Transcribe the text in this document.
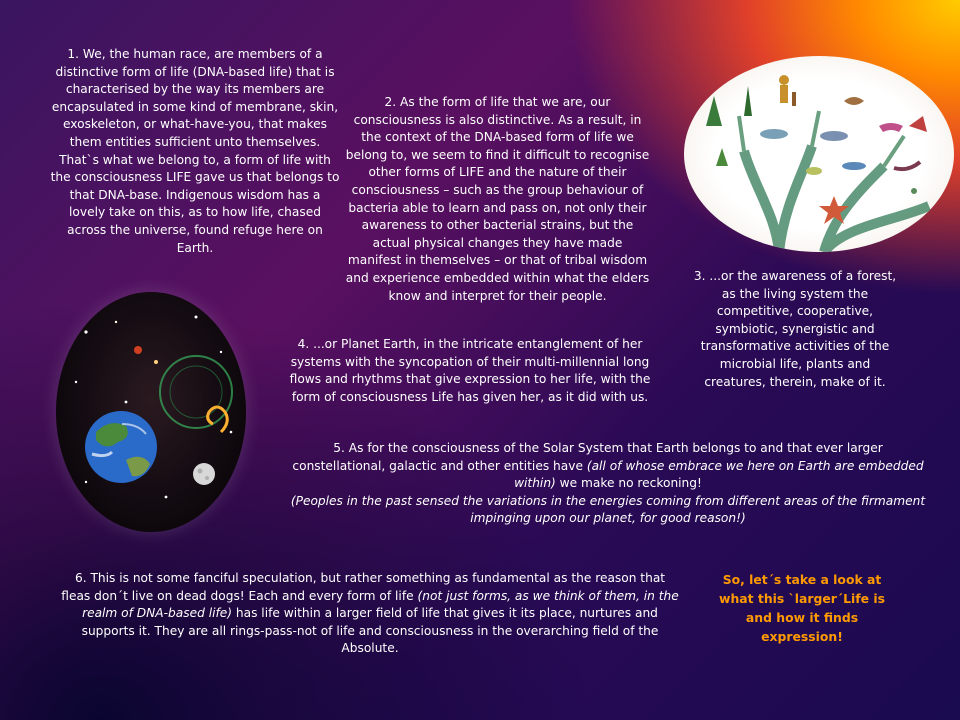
1. We, the human race, are members of a distinctive form of life (DNA-based life) that is characterised by the way its members are encapsulated in some kind of membrane, skin, exoskeleton, or what-have-you, that makes them entities sufficient unto themselves. That`s what we belong to, a form of life with the consciousness LIFE gave us that belongs to that DNA-base. Indigenous wisdom has a lovely take on this, as to how life, chased across the universe, found refuge here on Earth.
2. As the form of life that we are, our consciousness is also distinctive. As a result, in the context of the DNA-based form of life we belong to, we seem to find it difficult to recognise other forms of LIFE and the nature of their consciousness – such as the group behaviour of bacteria able to learn and pass on, not only their awareness to other bacterial strains, but the actual physical changes they have made manifest in themselves – or that of tribal wisdom and experience embedded within what the elders know and interpret for their people.
3. ...or the awareness of a forest, as the living system the competitive, cooperative, symbiotic, synergistic and transformative activities of the microbial life, plants and creatures, therein, make of it.
4. ...or Planet Earth, in the intricate entanglement of her systems with the syncopation of their multi-millennial long flows and rhythms that give expression to her life, with the form of consciousness Life has given her, as it did with us.
5. As for the consciousness of the Solar System that Earth belongs to and that ever larger constellational, galactic and other entities have (all of whose embrace we here on Earth are embedded within) we make no reckoning!
(Peoples in the past sensed the variations in the energies coming from different areas of the firmament impinging upon our planet, for good reason!)
6. This is not some fanciful speculation, but rather something as fundamental as the reason that fleas don´t live on dead dogs! Each and every form of life (not just forms, as we think of them, in the realm of DNA-based life) has life within a larger field of life that gives it its place, nurtures and supports it. They are all rings-pass-not of life and consciousness in the overarching field of the Absolute.
So, let´s take a look at what this `larger´Life is and how it finds expression!
